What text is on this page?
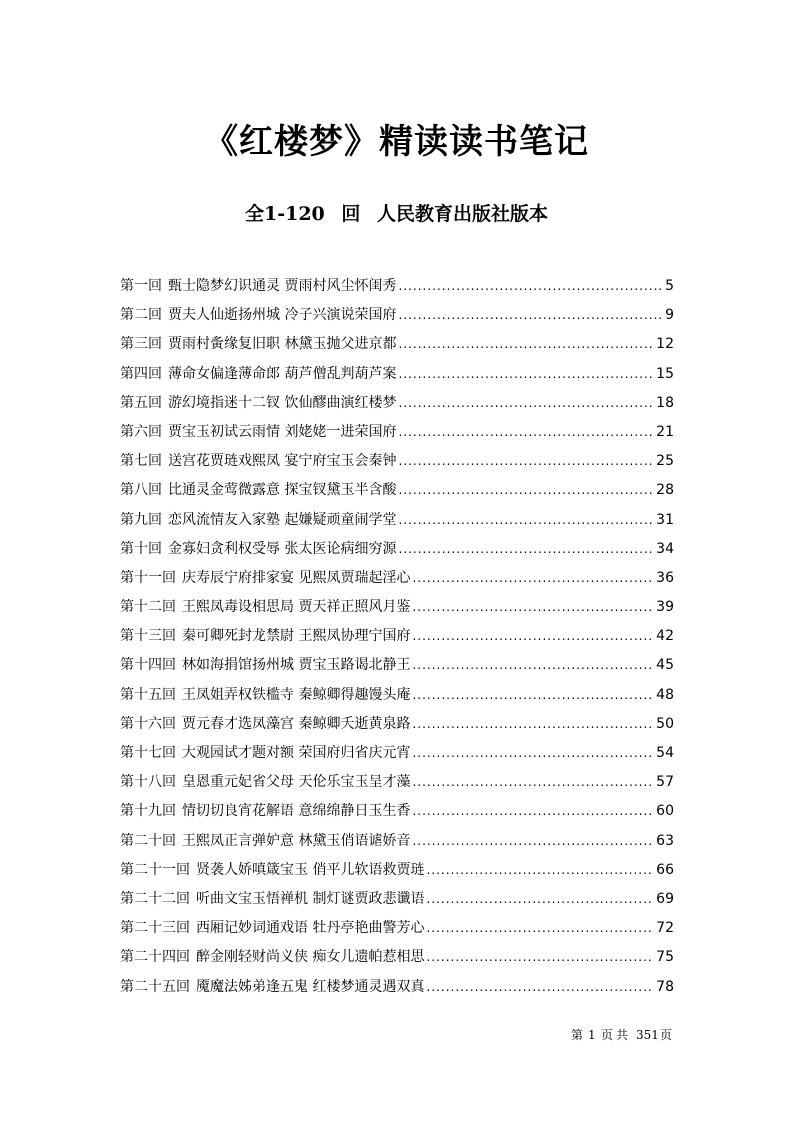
《红楼梦》精读读书笔记
全1-120 回 人民教育出版社版本
第一回 甄士隐梦幻识通灵 贾雨村风尘怀闺秀 .....	5
第二回 贾夫人仙逝扬州城 冷子兴演说荣国府 .....	9
第三回 贾雨村夤缘复旧职 林黛玉抛父进京都 .....	12
第四回 薄命女偏逢薄命郎 葫芦僧乱判葫芦案 .....	15
第五回 游幻境指迷十二钗 饮仙醪曲演红楼梦 .....	18
第六回 贾宝玉初试云雨情 刘姥姥一进荣国府 .....	21
第七回 送宫花贾琏戏熙凤 宴宁府宝玉会秦钟 .....	25
第八回 比通灵金莺微露意 探宝钗黛玉半含酸 .....	28
第九回 恋风流情友入家塾 起嫌疑顽童闹学堂 .....	31
第十回 金寡妇贪利权受辱 张太医论病细穷源 .....	34
第十一回 庆寿辰宁府排家宴 见熙凤贾瑞起淫心 .....	36
第十二回 王熙凤毒设相思局 贾天祥正照风月鉴 .....	39
第十三回 秦可卿死封龙禁尉 王熙凤协理宁国府 .....	42
第十四回 林如海捐馆扬州城 贾宝玉路谒北静王 .....	45
第十五回 王凤姐弄权铁槛寺 秦鲸卿得趣馒头庵 .....	48
第十六回 贾元春才选凤藻宫 秦鲸卿夭逝黄泉路 .....	50
第十七回 大观园试才题对额 荣国府归省庆元宵 .....	54
第十八回 皇恩重元妃省父母 天伦乐宝玉呈才藻 .....	57
第十九回 情切切良宵花解语 意绵绵静日玉生香 .....	60
第二十回 王熙凤正言弹妒意 林黛玉俏语谑娇音 .....	63
第二十一回 贤袭人娇嗔箴宝玉 俏平儿软语救贾琏 .....	66
第二十二回 听曲文宝玉悟禅机 制灯谜贾政悲谶语 .....	69
第二十三回 西厢记妙词通戏语 牡丹亭艳曲警芳心 .....	72
第二十四回 醉金刚轻财尚义侠 痴女儿遗帕惹相思 .....	75
第二十五回 魇魔法姊弟逢五鬼 红楼梦通灵遇双真 .....	78
第 1 页 共 351 页
